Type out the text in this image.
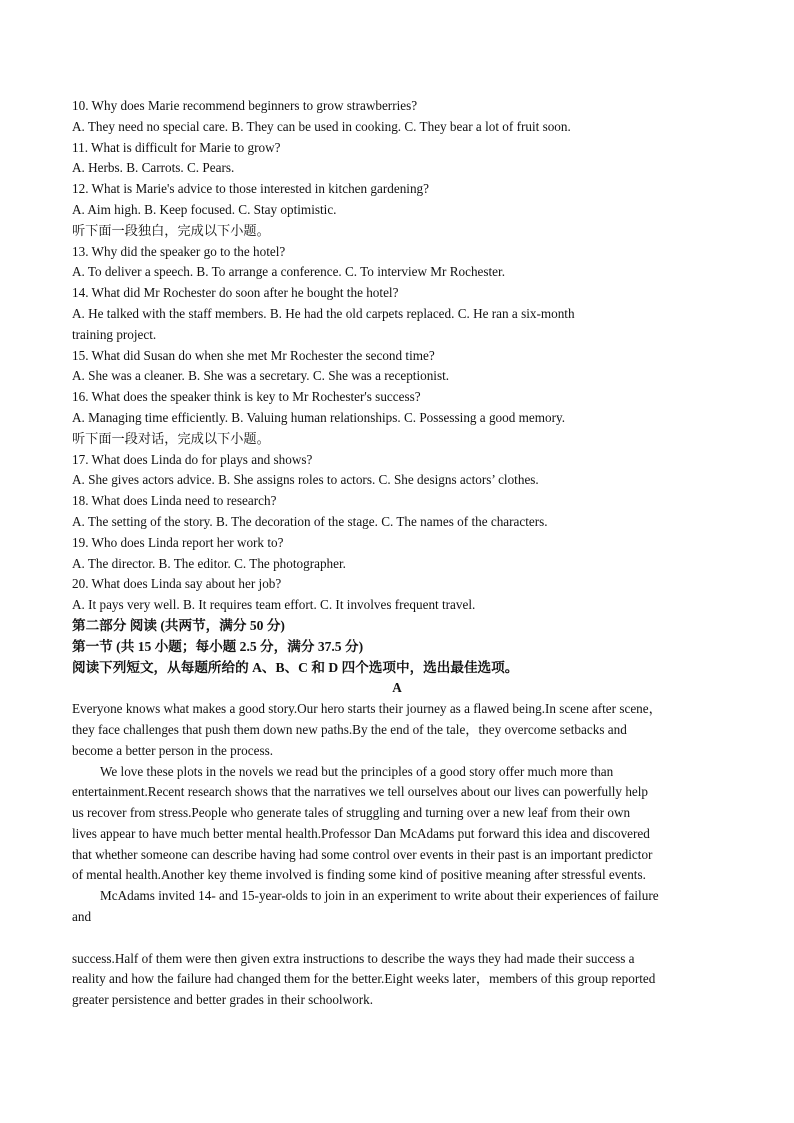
10. Why does Marie recommend beginners to grow strawberries?
A. They need no special care. B. They can be used in cooking. C. They bear a lot of fruit soon.
11. What is difficult for Marie to grow?
A. Herbs. B. Carrots. C. Pears.
12. What is Marie's advice to those interested in kitchen gardening?
A. Aim high. B. Keep focused. C. Stay optimistic.
听下面一段独白，完成以下小题。
13. Why did the speaker go to the hotel?
A. To deliver a speech. B. To arrange a conference. C. To interview Mr Rochester.
14. What did Mr Rochester do soon after he bought the hotel?
A. He talked with the staff members. B. He had the old carpets replaced. C. He ran a six-month
training project.
15. What did Susan do when she met Mr Rochester the second time?
A. She was a cleaner. B. She was a secretary. C. She was a receptionist.
16. What does the speaker think is key to Mr Rochester's success?
A. Managing time efficiently. B. Valuing human relationships. C. Possessing a good memory.
听下面一段对话，完成以下小题。
17. What does Linda do for plays and shows?
A. She gives actors advice. B. She assigns roles to actors. C. She designs actors’ clothes.
18. What does Linda need to research?
A. The setting of the story. B. The decoration of the stage. C. The names of the characters.
19. Who does Linda report her work to?
A. The director. B. The editor. C. The photographer.
20. What does Linda say about her job?
A. It pays very well. B. It requires team effort. C. It involves frequent travel.
第二部分 阅读 (共两节，满分 50 分)
第一节 (共 15 小题；每小题 2.5 分，满分 37.5 分)
阅读下列短文，从每题所给的 A、B、C 和 D 四个选项中，选出最佳选项。
A
Everyone knows what makes a good story.Our hero starts their journey as a flawed being.In scene after scene，
they face challenges that push them down new paths.By the end of the tale，they overcome setbacks and
become a better person in the process.
We love these plots in the novels we read but the principles of a good story offer much more than
entertainment.Recent research shows that the narratives we tell ourselves about our lives can powerfully help
us recover from stress.People who generate tales of struggling and turning over a new leaf from their own
lives appear to have much better mental health.Professor Dan McAdams put forward this idea and discovered
that whether someone can describe having had some control over events in their past is an important predictor
of mental health.Another key theme involved is finding some kind of positive meaning after stressful events.
McAdams invited 14- and 15-year-olds to join in an experiment to write about their experiences of failure
and
success.Half of them were then given extra instructions to describe the ways they had made their success a
reality and how the failure had changed them for the better.Eight weeks later，members of this group reported
greater persistence and better grades in their schoolwork.
